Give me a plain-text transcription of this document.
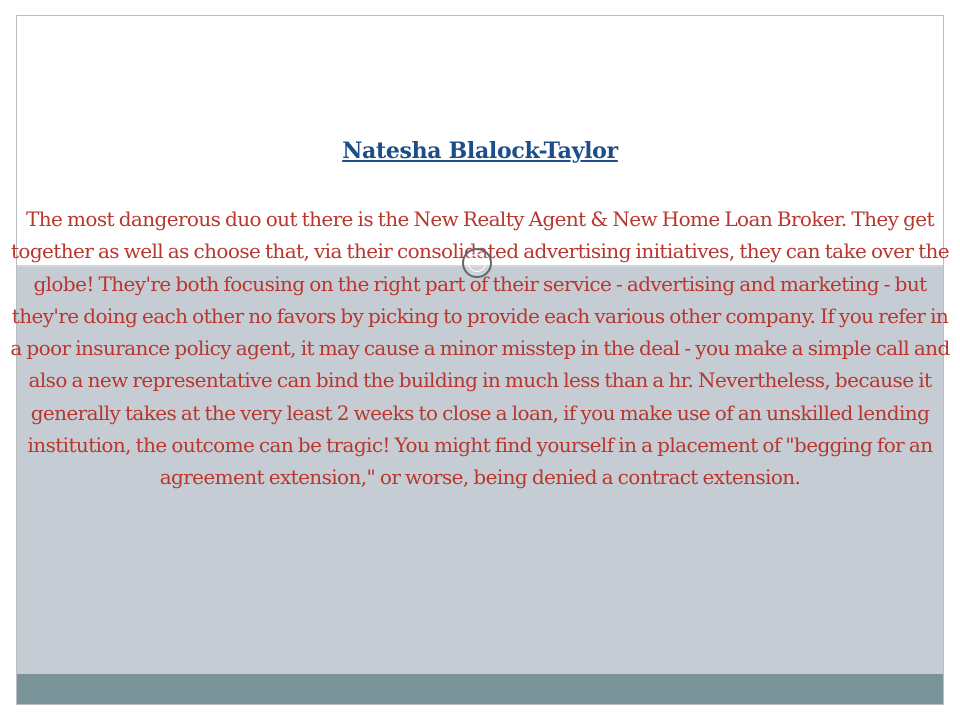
Natesha Blalock-Taylor

The most dangerous duo out there is the New Realty Agent & New Home Loan Broker. They get together as well as choose that, via their consolidated advertising initiatives, they can take over the globe! They're both focusing on the right part of their service - advertising and marketing - but they're doing each other no favors by picking to provide each various other company. If you refer in a poor insurance policy agent, it may cause a minor misstep in the deal - you make a simple call and also a new representative can bind the building in much less than a hr. Nevertheless, because it generally takes at the very least 2 weeks to close a loan, if you make use of an unskilled lending institution, the outcome can be tragic! You might find yourself in a placement of "begging for an agreement extension," or worse, being denied a contract extension.
